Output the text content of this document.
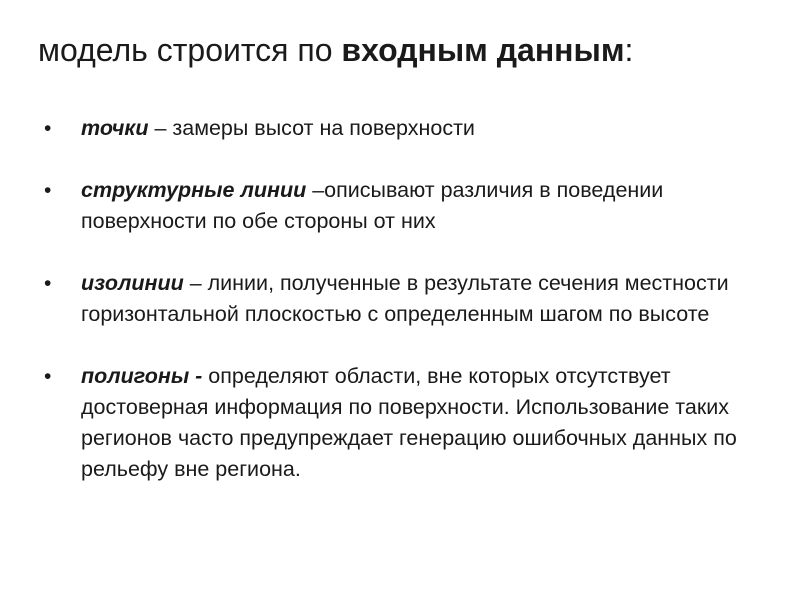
модель строится по входным данным:
•	точки – замеры высот на поверхности
•	структурные линии –описывают различия в поведении поверхности по обе стороны от них
•	изолинии – линии, полученные в результате сечения местности горизонтальной плоскостью с определенным шагом по высоте
•	полигоны - определяют области, вне которых отсутствует достоверная информация по поверхности. Использование таких регионов часто предупреждает генерацию ошибочных данных по рельефу вне региона.
